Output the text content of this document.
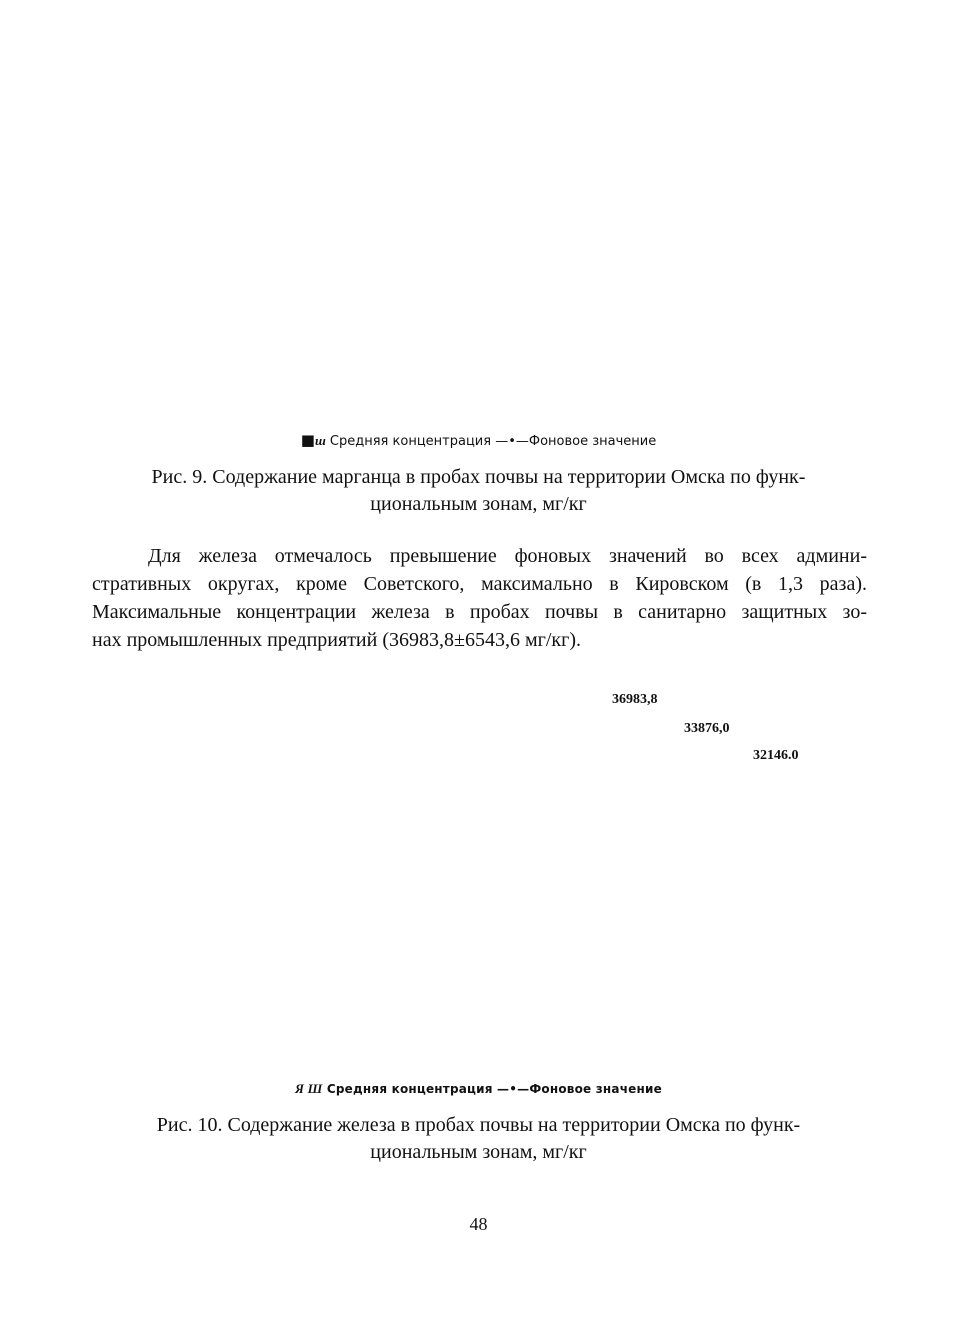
■ш Средняя концентрация —•—Фоновое значение
Рис. 9. Содержание марганца в пробах почвы на территории Омска по функ-
циональным зонам, мг/кг
Для железа отмечалось превышение фоновых значений во всех админи-
стративных округах, кроме Советского, максимально в Кировском (в 1,3 раза).
Максимальные концентрации железа в пробах почвы в санитарно защитных зо-
нах промышленных предприятий (36983,8±6543,6 мг/кг).
36983,8
33876,0
32146.0
Я Ш Средняя концентрация —•—Фоновое значение
Рис. 10. Содержание железа в пробах почвы на территории Омска по функ-
циональным зонам, мг/кг
48
